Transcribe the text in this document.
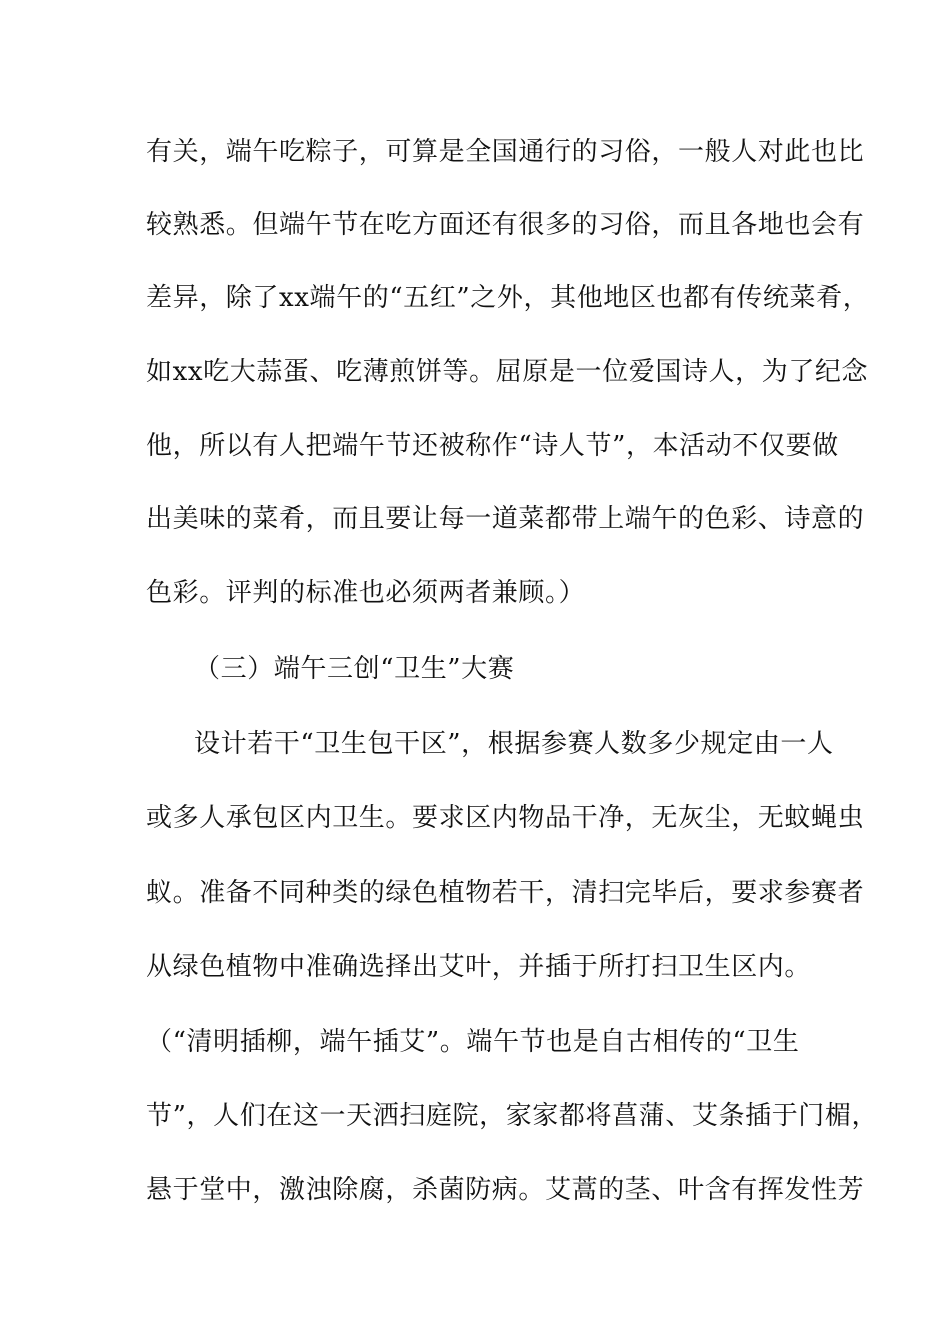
有关，端午吃粽子，可算是全国通行的习俗，一般人对此也比
较熟悉。但端午节在吃方面还有很多的习俗，而且各地也会有
差异，除了xx端午的“五红”之外，其他地区也都有传统菜肴，
如xx吃大蒜蛋、吃薄煎饼等。屈原是一位爱国诗人，为了纪念
他，所以有人把端午节还被称作“诗人节”，本活动不仅要做
出美味的菜肴，而且要让每一道菜都带上端午的色彩、诗意的
色彩。评判的标准也必须两者兼顾。）
（三）端午三创“卫生”大赛
设计若干“卫生包干区”，根据参赛人数多少规定由一人
或多人承包区内卫生。要求区内物品干净，无灰尘，无蚊蝇虫
蚁。准备不同种类的绿色植物若干，清扫完毕后，要求参赛者
从绿色植物中准确选择出艾叶，并插于所打扫卫生区内。
（“清明插柳，端午插艾”。端午节也是自古相传的“卫生
节”，人们在这一天洒扫庭院，家家都将菖蒲、艾条插于门楣，
悬于堂中，激浊除腐，杀菌防病。艾蒿的茎、叶含有挥发性芳
